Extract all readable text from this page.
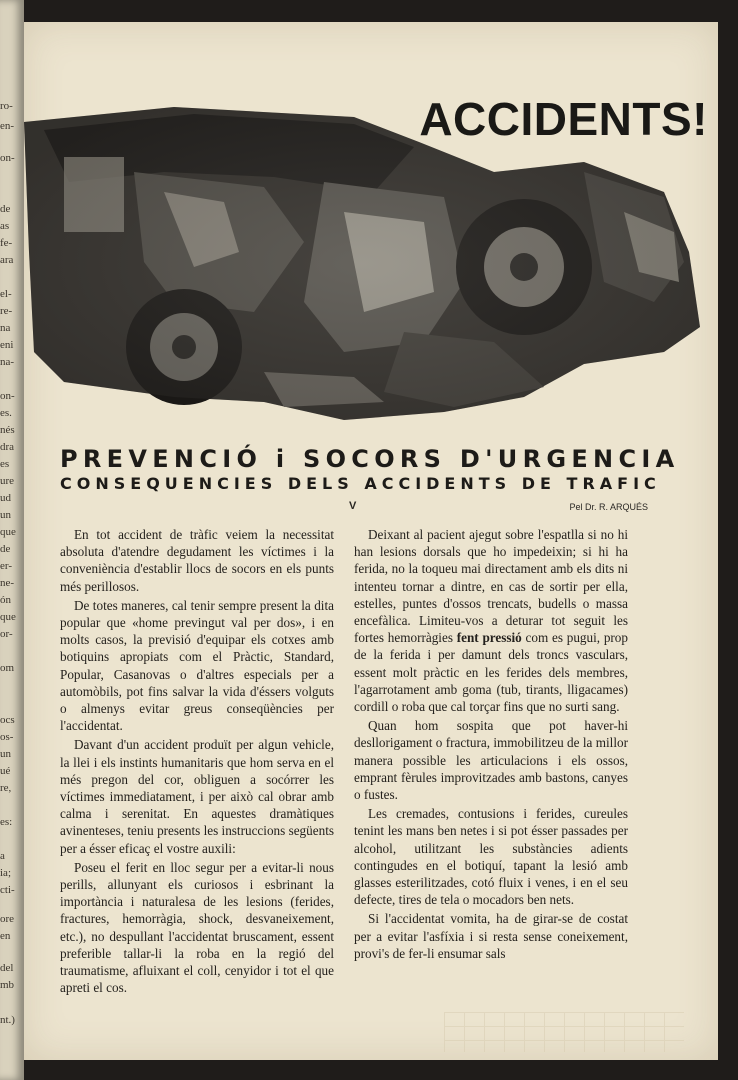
ro-
en-
on-
de
as
fe-
ara
el-
re-
na
eni
na-
on-
es.
nés
dra
es
ure
ud
un
que
de
er-
ne-
ón
que
or-
om
ocs
os-
un
ué
re,
es:
a
ia;
cti-
ore
en
del
mb
nt.)
ACCIDENTS!
PREVENCIÓ i SOCORS D'URGENCIA
CONSEQUENCIES DELS ACCIDENTS DE TRAFIC
V	Pel Dr. R. ARQUÉS

En tot accident de tràfic veiem la necessitat absoluta d'atendre degudament les víctimes i la conveniència d'establir llocs de socors en els punts més perillosos.

De totes maneres, cal tenir sempre present la dita popular que «home previngut val per dos», i en molts casos, la previsió d'equipar els cotxes amb botiquins apropiats com el Pràctic, Standard, Popular, Casanovas o d'altres especials per a automòbils, pot fins salvar la vida d'éssers volguts o almenys evitar greus conseqüències per l'accidentat.

Davant d'un accident produït per algun vehicle, la llei i els instints humanitaris que hom serva en el més pregon del cor, obliguen a socórrer les víctimes immediatament, i per això cal obrar amb calma i serenitat. En aquestes dramàtiques avinenteses, teniu presents les instruccions següents per a ésser eficaç el vostre auxili:

Poseu el ferit en lloc segur per a evitar-li nous perills, allunyant els curiosos i esbrinant la importància i naturalesa de les lesions (ferides, fractures, hemorràgia, shock, desvaneixement, etc.), no despullant l'accidentat bruscament, essent preferible tallar-li la roba en la regió del traumatisme, afluixant el coll, cenyidor i tot el que apreti el cos.

Deixant al pacient ajegut sobre l'espatlla si no hi han lesions dorsals que ho impedeixin; si hi ha ferida, no la toqueu mai directament amb els dits ni intenteu tornar a dintre, en cas de sortir per ella, estelles, puntes d'ossos trencats, budells o massa encefàlica. Limiteu-vos a deturar tot seguit les fortes hemorràgies fent pressió com es pugui, prop de la ferida i per damunt dels troncs vasculars, essent molt pràctic en les ferides dels membres, l'agarrotament amb goma (tub, tirants, lligacames) cordill o roba que cal torçar fins que no surti sang.

Quan hom sospita que pot haver-hi desllorigament o fractura, immobilitzeu de la millor manera possible les articulacions i els ossos, emprant fèrules improvitzades amb bastons, canyes o fustes.

Les cremades, contusions i ferides, cureules tenint les mans ben netes i si pot ésser passades per alcohol, utilitzant les substàncies adients contingudes en el botiquí, tapant la lesió amb glasses esterilitzades, cotó fluix i venes, i en el seu defecte, tires de tela o mocadors ben nets.

Si l'accidentat vomita, ha de girar-se de costat per a evitar l'asfíxia i si resta sense coneixement, provi's de fer-li ensumar sals
